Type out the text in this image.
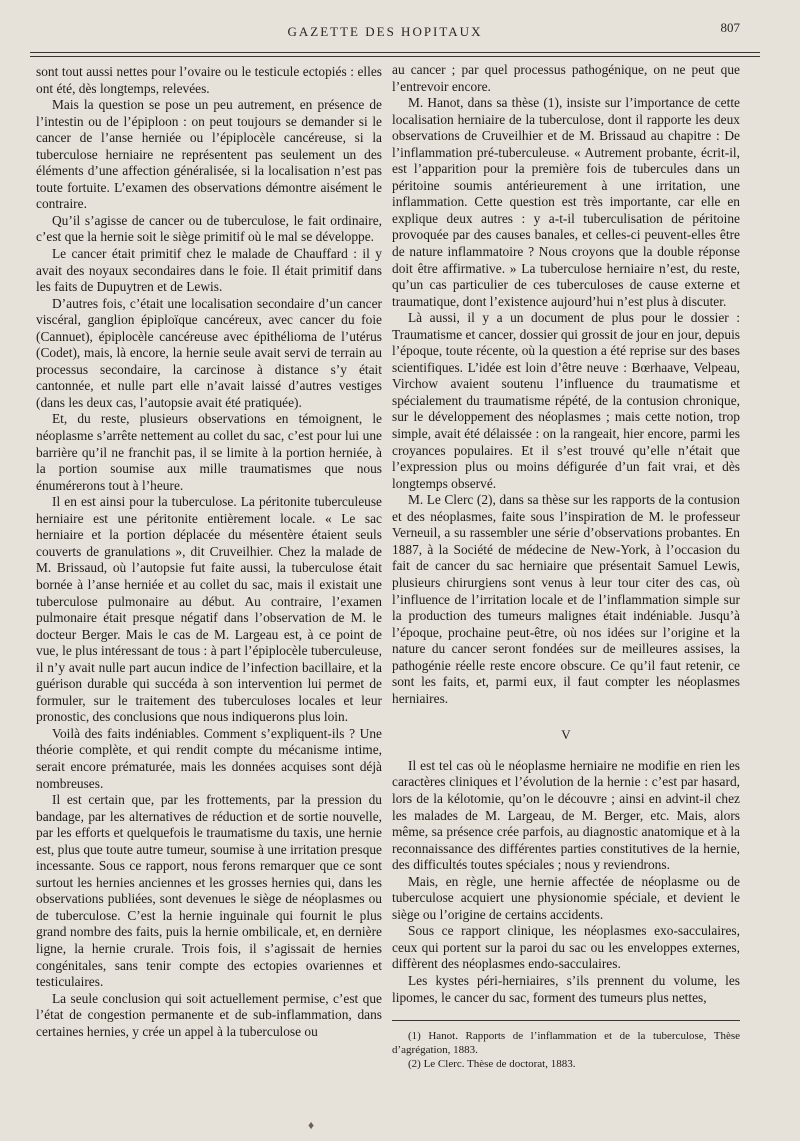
GAZETTE DES HOPITAUX	807

sont tout aussi nettes pour l’ovaire ou le testicule ectopiés : elles ont été, dès longtemps, relevées.

Mais la question se pose un peu autrement, en présence de l’intestin ou de l’épiploon : on peut toujours se demander si le cancer de l’anse herniée ou l’épiplocèle cancéreuse, si la tuberculose herniaire ne représentent pas seulement un des éléments d’une affection généralisée, si la localisation n’est pas toute fortuite. L’examen des observations démontre aisément le contraire.

Qu’il s’agisse de cancer ou de tuberculose, le fait ordinaire, c’est que la hernie soit le siège primitif où le mal se développe.

Le cancer était primitif chez le malade de Chauffard : il y avait des noyaux secondaires dans le foie. Il était primitif dans les faits de Dupuytren et de Lewis.

D’autres fois, c’était une localisation secondaire d’un cancer viscéral, ganglion épiploïque cancéreux, avec cancer du foie (Cannuet), épiplocèle cancéreuse avec épithélioma de l’utérus (Codet), mais, là encore, la hernie seule avait servi de terrain au processus secondaire, la carcinose à distance s’y était cantonnée, et nulle part elle n’avait laissé d’autres vestiges (dans les deux cas, l’autopsie avait été pratiquée).

Et, du reste, plusieurs observations en témoignent, le néoplasme s’arrête nettement au collet du sac, c’est pour lui une barrière qu’il ne franchit pas, il se limite à la portion herniée, à la portion soumise aux mille traumatismes que nous énumérerons tout à l’heure.

Il en est ainsi pour la tuberculose. La péritonite tuberculeuse herniaire est une péritonite entièrement locale. « Le sac herniaire et la portion déplacée du mésentère étaient seuls couverts de granulations », dit Cruveilhier. Chez la malade de M. Brissaud, où l’autopsie fut faite aussi, la tuberculose était bornée à l’anse herniée et au collet du sac, mais il existait une tuberculose pulmonaire au début. Au contraire, l’examen pulmonaire était presque négatif dans l’observation de M. le docteur Berger. Mais le cas de M. Largeau est, à ce point de vue, le plus intéressant de tous : à part l’épiplocèle tuberculeuse, il n’y avait nulle part aucun indice de l’infection bacillaire, et la guérison durable qui succéda à son intervention lui permet de formuler, sur le traitement des tuberculoses locales et leur pronostic, des conclusions que nous indiquerons plus loin.

Voilà des faits indéniables. Comment s’expliquent-ils ? Une théorie complète, et qui rendit compte du mécanisme intime, serait encore prématurée, mais les données acquises sont déjà nombreuses.

Il est certain que, par les frottements, par la pression du bandage, par les alternatives de réduction et de sortie nouvelle, par les efforts et quelquefois le traumatisme du taxis, une hernie est, plus que toute autre tumeur, soumise à une irritation presque incessante. Sous ce rapport, nous ferons remarquer que ce sont surtout les hernies anciennes et les grosses hernies qui, dans les observations publiées, sont devenues le siège de néoplasmes ou de tuberculose. C’est la hernie inguinale qui fournit le plus grand nombre des faits, puis la hernie ombilicale, et, en dernière ligne, la hernie crurale. Trois fois, il s’agissait de hernies congénitales, sans tenir compte des ectopies ovariennes et testiculaires.

La seule conclusion qui soit actuellement permise, c’est que l’état de congestion permanente et de sub-inflammation, dans certaines hernies, y crée un appel à la tuberculose ou

au cancer ; par quel processus pathogénique, on ne peut que l’entrevoir encore.

M. Hanot, dans sa thèse (1), insiste sur l’importance de cette localisation herniaire de la tuberculose, dont il rapporte les deux observations de Cruveilhier et de M. Brissaud au chapitre : De l’inflammation pré-tuberculeuse. « Autrement probante, écrit-il, est l’apparition pour la première fois de tubercules dans un péritoine soumis antérieurement à une irritation, une inflammation. Cette question est très importante, car elle en explique deux autres : y a-t-il tuberculisation de péritoine provoquée par des causes banales, et celles-ci peuvent-elles être de nature inflammatoire ? Nous croyons que la double réponse doit être affirmative. » La tuberculose herniaire n’est, du reste, qu’un cas particulier de ces tuberculoses de cause externe et traumatique, dont l’existence aujourd’hui n’est plus à discuter.

Là aussi, il y a un document de plus pour le dossier : Traumatisme et cancer, dossier qui grossit de jour en jour, depuis l’époque, toute récente, où la question a été reprise sur des bases scientifiques. L’idée est loin d’être neuve : Bœrhaave, Velpeau, Virchow avaient soutenu l’influence du traumatisme et spécialement du traumatisme répété, de la contusion chronique, sur le développement des néoplasmes ; mais cette notion, trop simple, avait été délaissée : on la rangeait, hier encore, parmi les croyances populaires. Et il s’est trouvé qu’elle n’était que l’expression plus ou moins défigurée d’un fait vrai, et dès longtemps observé.

M. Le Clerc (2), dans sa thèse sur les rapports de la contusion et des néoplasmes, faite sous l’inspiration de M. le professeur Verneuil, a su rassembler une série d’observations probantes. En 1887, à la Société de médecine de New-York, à l’occasion du fait de cancer du sac herniaire que présentait Samuel Lewis, plusieurs chirurgiens sont venus à leur tour citer des cas, où l’influence de l’irritation locale et de l’inflammation simple sur la production des tumeurs malignes était indéniable. Jusqu’à l’époque, prochaine peut-être, où nos idées sur l’origine et la nature du cancer seront fondées sur de meilleures assises, la pathogénie réelle reste encore obscure. Ce qu’il faut retenir, ce sont les faits, et, parmi eux, il faut compter les néoplasmes herniaires.

V

Il est tel cas où le néoplasme herniaire ne modifie en rien les caractères cliniques et l’évolution de la hernie : c’est par hasard, lors de la kélotomie, qu’on le découvre ; ainsi en advint-il chez les malades de M. Largeau, de M. Berger, etc. Mais, alors même, sa présence crée parfois, au diagnostic anatomique et à la reconnaissance des différentes parties constitutives de la hernie, des difficultés toutes spéciales ; nous y reviendrons.

Mais, en règle, une hernie affectée de néoplasme ou de tuberculose acquiert une physionomie spéciale, et devient le siège ou l’origine de certains accidents.

Sous ce rapport clinique, les néoplasmes exo-sacculaires, ceux qui portent sur la paroi du sac ou les enveloppes externes, diffèrent des néoplasmes endo-sacculaires.

Les kystes péri-herniaires, s’ils prennent du volume, les lipomes, le cancer du sac, forment des tumeurs plus nettes,

(1) Hanot. Rapports de l’inflammation et de la tuberculose, Thèse d’agrégation, 1883.

(2) Le Clerc. Thèse de doctorat, 1883.

♦
